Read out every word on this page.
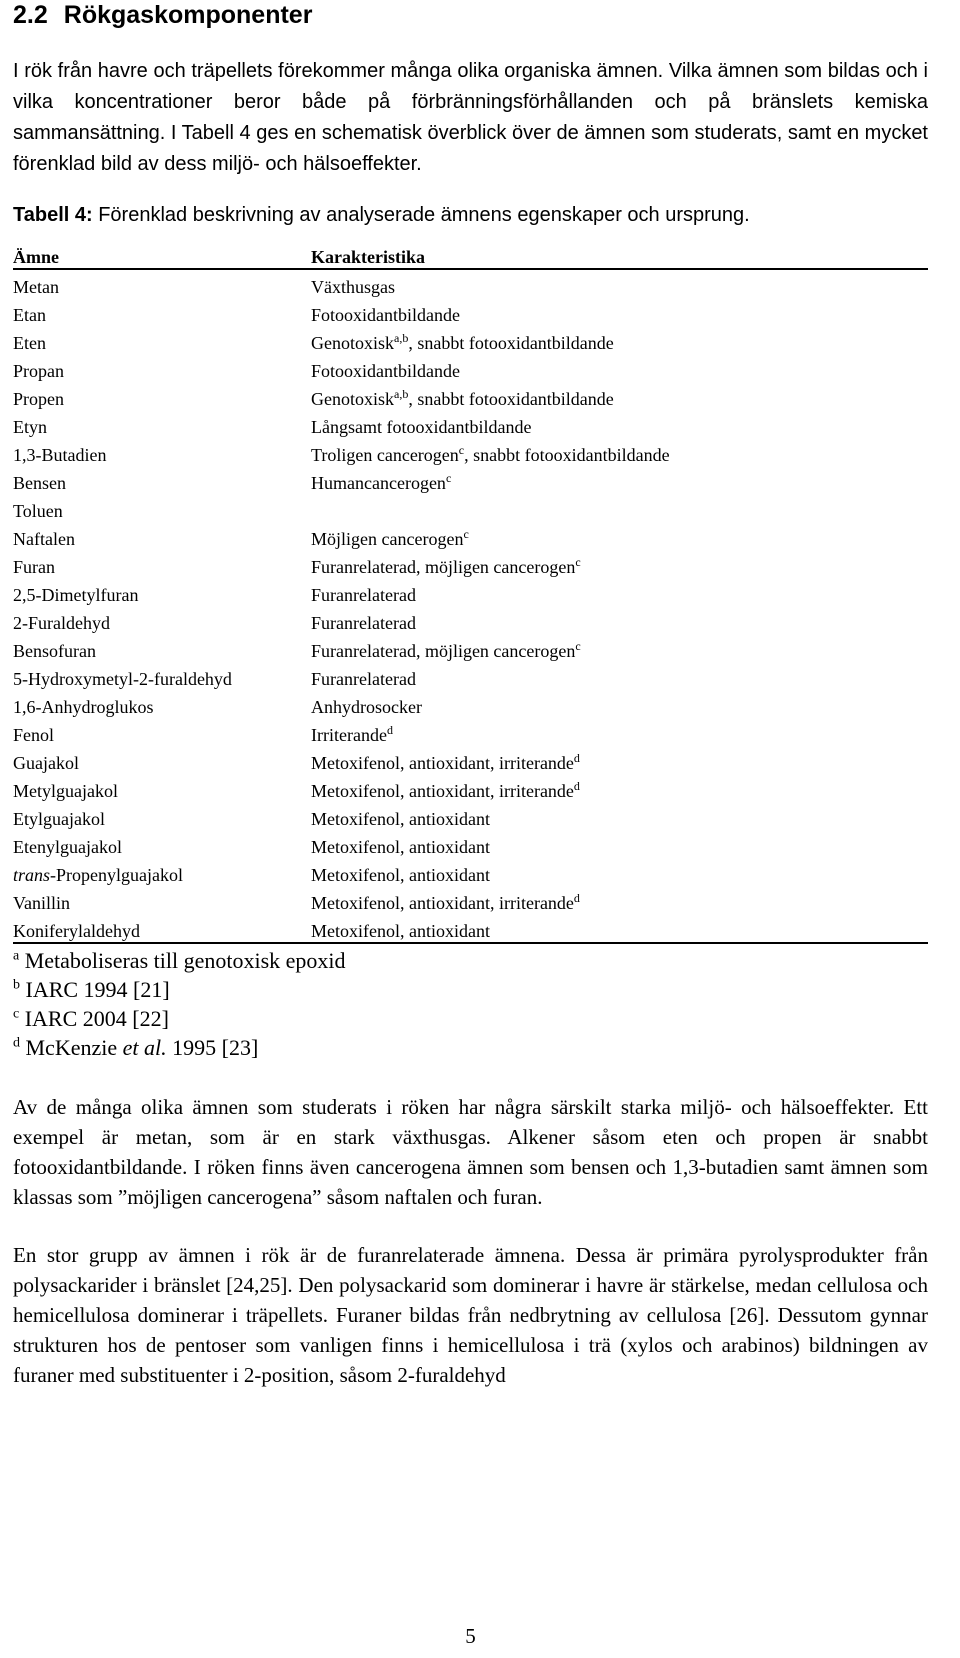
2.2 Rökgaskomponenter

I rök från havre och träpellets förekommer många olika organiska ämnen. Vilka ämnen som bildas och i vilka koncentrationer beror både på förbränningsförhållanden och på bränslets kemiska sammansättning. I Tabell 4 ges en schematisk överblick över de ämnen som studerats, samt en mycket förenklad bild av dess miljö- och hälsoeffekter.

Tabell 4: Förenklad beskrivning av analyserade ämnens egenskaper och ursprung.

Ämne	Karakteristika
Metan	Växthusgas
Etan	Fotooxidantbildande
Eten	Genotoxisk$^{a,b}$, snabbt fotooxidantbildande
Propan	Fotooxidantbildande
Propen	Genotoxisk$^{a,b}$, snabbt fotooxidantbildande
Etyn	Långsamt fotooxidantbildande
1,3-Butadien	Troligen cancerogen$^c$, snabbt fotooxidantbildande
Bensen	Humancancerogen$^c$
Toluen	
Naftalen	Möjligen cancerogen$^c$
Furan	Furanrelaterad, möjligen cancerogen$^c$
2,5-Dimetylfuran	Furanrelaterad
2-Furaldehyd	Furanrelaterad
Bensofuran	Furanrelaterad, möjligen cancerogen$^c$
5-Hydroxymetyl-2-furaldehyd	Furanrelaterad
1,6-Anhydroglukos	Anhydrosocker
Fenol	Irriterande$^d$
Guajakol	Metoxifenol, antioxidant, irriterande$^d$
Metylguajakol	Metoxifenol, antioxidant, irriterande$^d$
Etylguajakol	Metoxifenol, antioxidant
Etenylguajakol	Metoxifenol, antioxidant
trans-Propenylguajakol	Metoxifenol, antioxidant
Vanillin	Metoxifenol, antioxidant, irriterande$^d$
Koniferylaldehyd	Metoxifenol, antioxidant
$^a$ Metaboliseras till genotoxisk epoxid
$^b$ IARC 1994 [21]
$^c$ IARC 2004 [22]
$^d$ McKenzie et al. 1995 [23]

Av de många olika ämnen som studerats i röken har några särskilt starka miljö- och hälsoeffekter. Ett exempel är metan, som är en stark växthusgas. Alkener såsom eten och propen är snabbt fotooxidantbildande. I röken finns även cancerogena ämnen som bensen och 1,3-butadien samt ämnen som klassas som ”möjligen cancerogena” såsom naftalen och furan.

En stor grupp av ämnen i rök är de furanrelaterade ämnena. Dessa är primära pyrolysprodukter från polysackarider i bränslet [24,25]. Den polysackarid som dominerar i havre är stärkelse, medan cellulosa och hemicellulosa dominerar i träpellets. Furaner bildas från nedbrytning av cellulosa [26]. Dessutom gynnar strukturen hos de pentoser som vanligen finns i hemicellulosa i trä (xylos och arabinos) bildningen av furaner med substituenter i 2-position, såsom 2-furaldehyd

5
